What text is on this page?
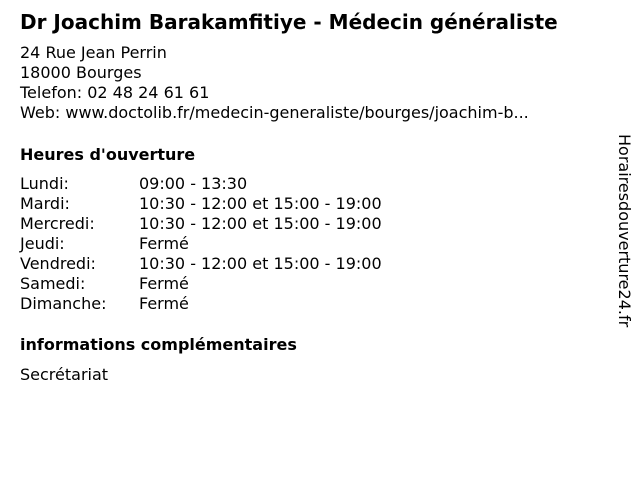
Dr Joachim Barakamfitiye - Médecin généraliste
24 Rue Jean Perrin
18000 Bourges
Telefon: 02 48 24 61 61
Web: www.doctolib.fr/medecin-generaliste/bourges/joachim-b...
Heures d'ouverture
Lundi:	09:00 - 13:30
Mardi:	10:30 - 12:00 et 15:00 - 19:00
Mercredi:	10:30 - 12:00 et 15:00 - 19:00
Jeudi:	Fermé
Vendredi:	10:30 - 12:00 et 15:00 - 19:00
Samedi:	Fermé
Dimanche:	Fermé
informations complémentaires
Secrétariat
Horairesdouverture24.fr
